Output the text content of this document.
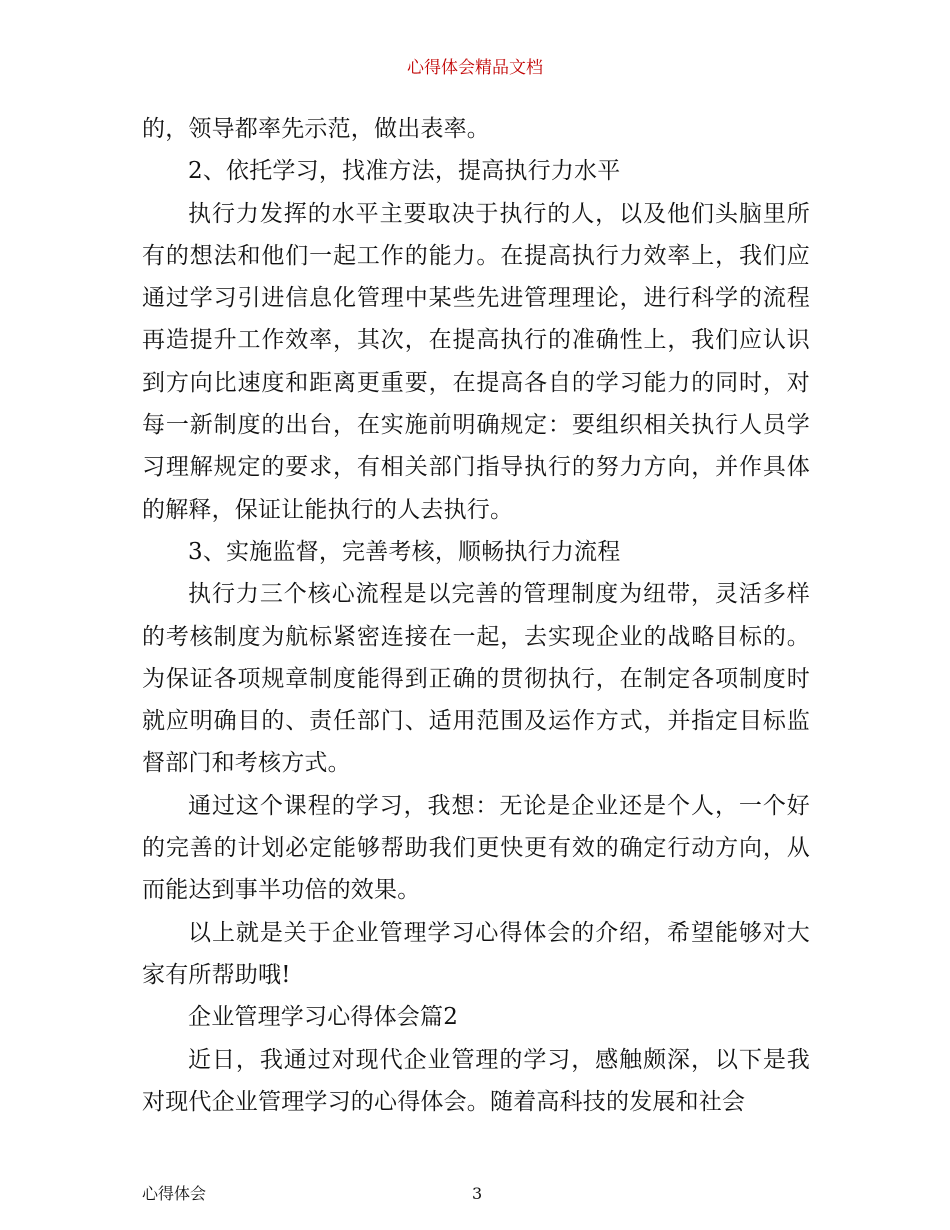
心得体会精品文档

的，领导都率先示范，做出表率。

2、依托学习，找准方法，提高执行力水平

执行力发挥的水平主要取决于执行的人，以及他们头脑里所有的想法和他们一起工作的能力。在提高执行力效率上，我们应通过学习引进信息化管理中某些先进管理理论，进行科学的流程再造提升工作效率，其次，在提高执行的准确性上，我们应认识到方向比速度和距离更重要，在提高各自的学习能力的同时，对每一新制度的出台，在实施前明确规定：要组织相关执行人员学习理解规定的要求，有相关部门指导执行的努力方向，并作具体的解释，保证让能执行的人去执行。

3、实施监督，完善考核，顺畅执行力流程

执行力三个核心流程是以完善的管理制度为纽带，灵活多样的考核制度为航标紧密连接在一起，去实现企业的战略目标的。为保证各项规章制度能得到正确的贯彻执行，在制定各项制度时就应明确目的、责任部门、适用范围及运作方式，并指定目标监督部门和考核方式。

通过这个课程的学习，我想：无论是企业还是个人，一个好的完善的计划必定能够帮助我们更快更有效的确定行动方向，从而能达到事半功倍的效果。

以上就是关于企业管理学习心得体会的介绍，希望能够对大家有所帮助哦!

企业管理学习心得体会篇2

近日，我通过对现代企业管理的学习，感触颇深，以下是我对现代企业管理学习的心得体会。随着高科技的发展和社会

心得体会	3
